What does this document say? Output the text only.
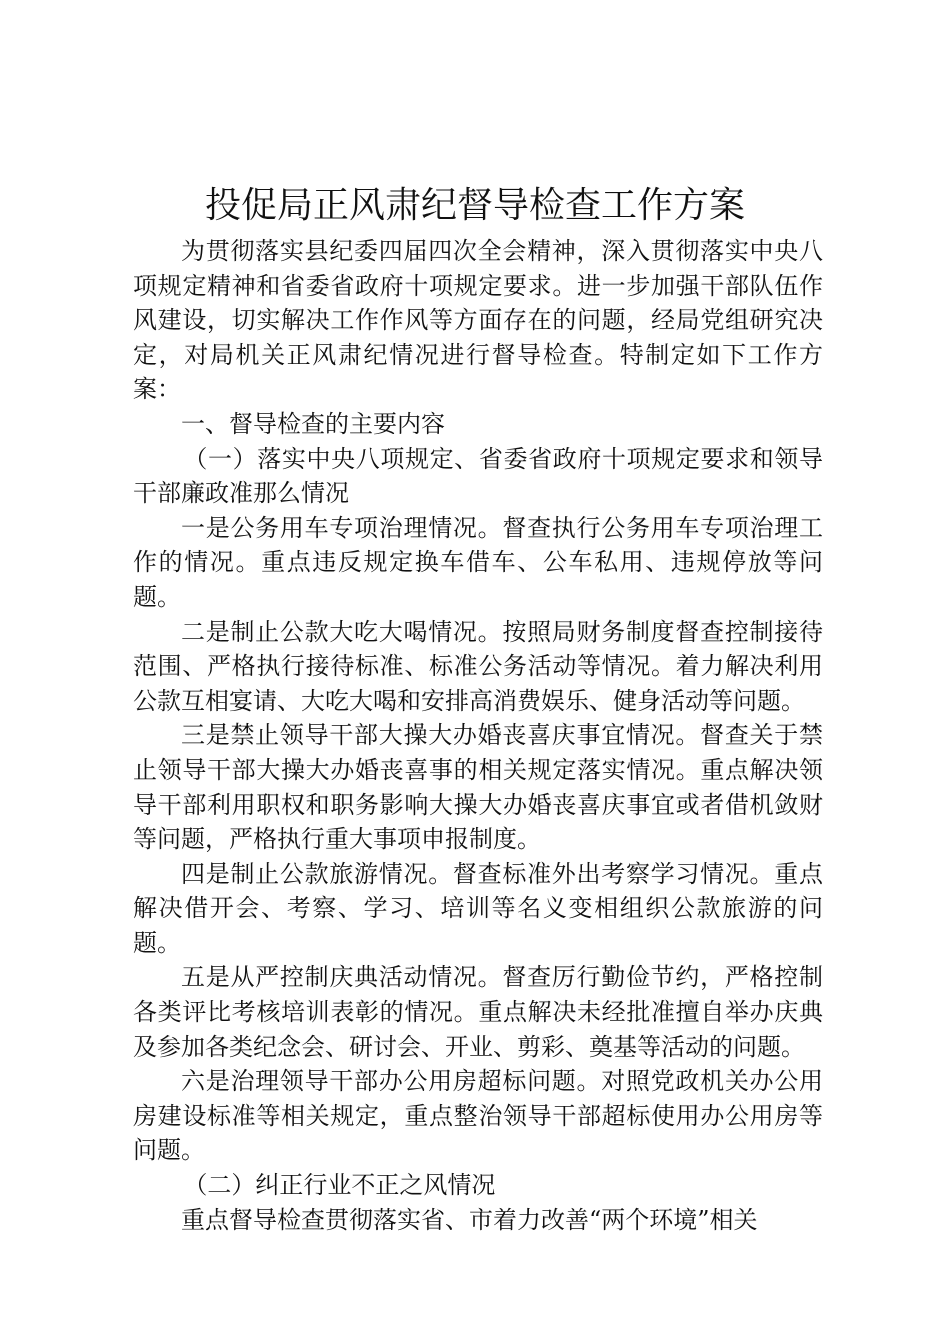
投促局正风肃纪督导检查工作方案

为贯彻落实县纪委四届四次全会精神，深入贯彻落实中央八项规定精神和省委省政府十项规定要求。进一步加强干部队伍作风建设，切实解决工作作风等方面存在的问题，经局党组研究决定，对局机关正风肃纪情况进行督导检查。特制定如下工作方案：

一、督导检查的主要内容

（一）落实中央八项规定、省委省政府十项规定要求和领导干部廉政准那么情况

一是公务用车专项治理情况。督查执行公务用车专项治理工作的情况。重点违反规定换车借车、公车私用、违规停放等问题。

二是制止公款大吃大喝情况。按照局财务制度督查控制接待范围、严格执行接待标准、标准公务活动等情况。着力解决利用公款互相宴请、大吃大喝和安排高消费娱乐、健身活动等问题。

三是禁止领导干部大操大办婚丧喜庆事宜情况。督查关于禁止领导干部大操大办婚丧喜事的相关规定落实情况。重点解决领导干部利用职权和职务影响大操大办婚丧喜庆事宜或者借机敛财等问题，严格执行重大事项申报制度。

四是制止公款旅游情况。督查标准外出考察学习情况。重点解决借开会、考察、学习、培训等名义变相组织公款旅游的问题。

五是从严控制庆典活动情况。督查厉行勤俭节约，严格控制各类评比考核培训表彰的情况。重点解决未经批准擅自举办庆典及参加各类纪念会、研讨会、开业、剪彩、奠基等活动的问题。

六是治理领导干部办公用房超标问题。对照党政机关办公用房建设标准等相关规定，重点整治领导干部超标使用办公用房等问题。

（二）纠正行业不正之风情况

重点督导检查贯彻落实省、市着力改善“两个环境”相关
